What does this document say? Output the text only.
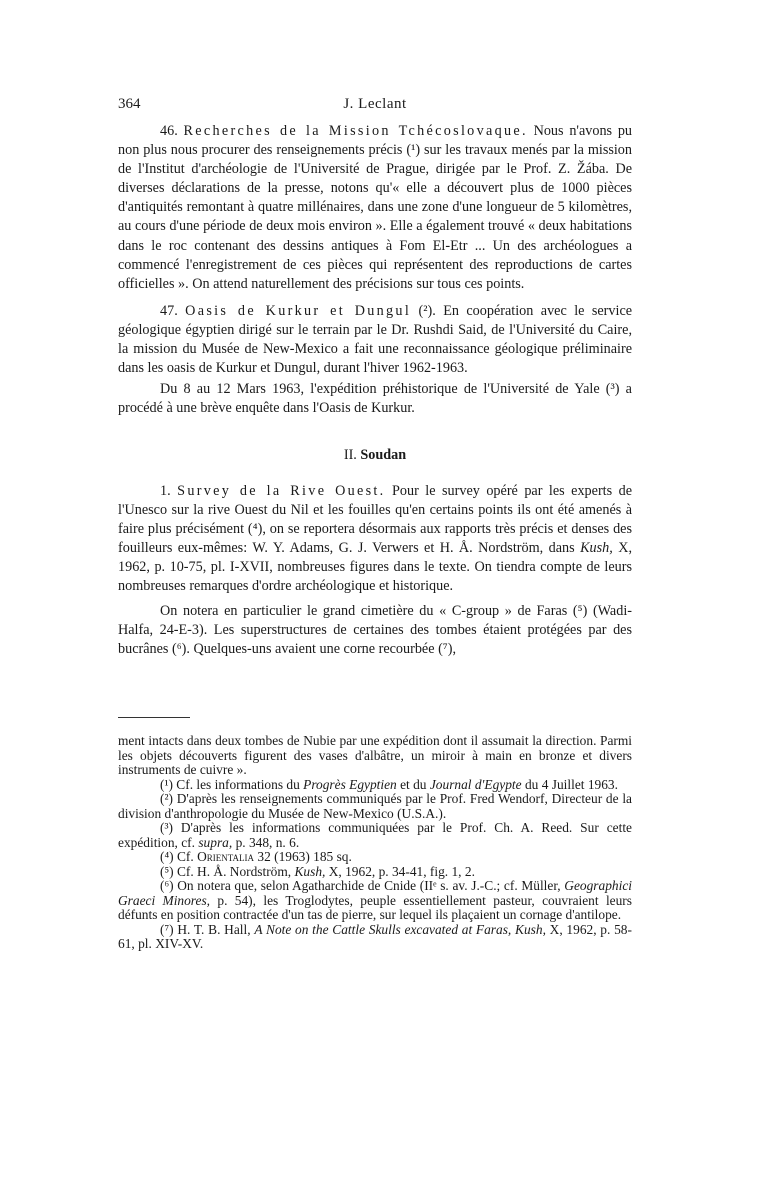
364	J. Leclant

46. Recherches de la Mission Tchécoslovaque. Nous n'avons pu non plus nous procurer des renseignements précis (¹) sur les travaux menés par la mission de l'Institut d'archéologie de l'Université de Prague, dirigée par le Prof. Z. Žába. De diverses déclarations de la presse, notons qu'« elle a découvert plus de 1000 pièces d'antiquités remontant à quatre millénaires, dans une zone d'une longueur de 5 kilomètres, au cours d'une période de deux mois environ ». Elle a également trouvé « deux habitations dans le roc contenant des dessins antiques à Fom El-Etr ... Un des archéologues a commencé l'enregistrement de ces pièces qui représentent des reproductions de cartes officielles ». On attend naturellement des précisions sur tous ces points.

47. Oasis de Kurkur et Dungul (²). En coopération avec le service géologique égyptien dirigé sur le terrain par le Dr. Rushdi Said, de l'Université du Caire, la mission du Musée de New-Mexico a fait une reconnaissance géologique préliminaire dans les oasis de Kurkur et Dungul, durant l'hiver 1962-1963.

Du 8 au 12 Mars 1963, l'expédition préhistorique de l'Université de Yale (³) a procédé à une brève enquête dans l'Oasis de Kurkur.

II. Soudan

1. Survey de la Rive Ouest. Pour le survey opéré par les experts de l'Unesco sur la rive Ouest du Nil et les fouilles qu'en certains points ils ont été amenés à faire plus précisément (⁴), on se reportera désormais aux rapports très précis et denses des fouilleurs eux-mêmes: W. Y. Adams, G. J. Verwers et H. Å. Nordström, dans Kush, X, 1962, p. 10-75, pl. I-XVII, nombreuses figures dans le texte. On tiendra compte de leurs nombreuses remarques d'ordre archéologique et historique.

On notera en particulier le grand cimetière du « C-group » de Faras (⁵) (Wadi-Halfa, 24-E-3). Les superstructures de certaines des tombes étaient protégées par des bucrânes (⁶). Quelques-uns avaient une corne recourbée (⁷),

ment intacts dans deux tombes de Nubie par une expédition dont il assumait la direction. Parmi les objets découverts figurent des vases d'albâtre, un miroir à main en bronze et divers instruments de cuivre ».

(¹) Cf. les informations du Progrès Egyptien et du Journal d'Egypte du 4 Juillet 1963.

(²) D'après les renseignements communiqués par le Prof. Fred Wendorf, Directeur de la division d'anthropologie du Musée de New-Mexico (U.S.A.).

(³) D'après les informations communiquées par le Prof. Ch. A. Reed. Sur cette expédition, cf. supra, p. 348, n. 6.

(⁴) Cf. Orientalia 32 (1963) 185 sq.

(⁵) Cf. H. Å. Nordström, Kush, X, 1962, p. 34-41, fig. 1, 2.

(⁶) On notera que, selon Agatharchide de Cnide (IIᵉ s. av. J.-C.; cf. Müller, Geographici Graeci Minores, p. 54), les Troglodytes, peuple essentiellement pasteur, couvraient leurs défunts en position contractée d'un tas de pierre, sur lequel ils plaçaient un cornage d'antilope.

(⁷) H. T. B. Hall, A Note on the Cattle Skulls excavated at Faras, Kush, X, 1962, p. 58-61, pl. XIV-XV.
